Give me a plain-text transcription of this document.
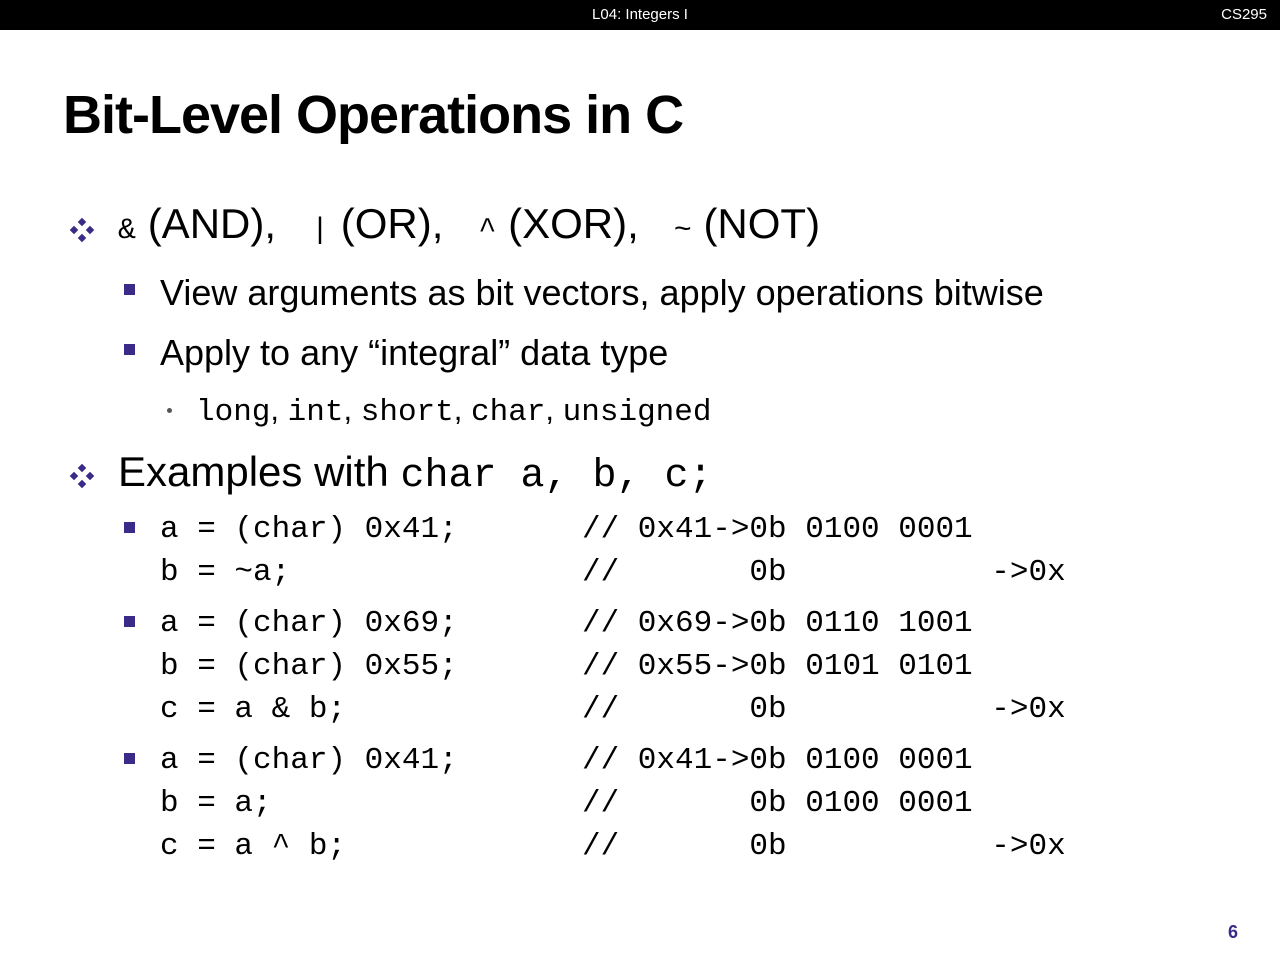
L04: Integers I	CS295
Bit-Level Operations in C
& (AND), | (OR), ^ (XOR), ~ (NOT)
View arguments as bit vectors, apply operations bitwise
Apply to any “integral” data type
long, int, short, char, unsigned
Examples with char a, b, c;
a = (char) 0x41;	// 0x41->0b 0100 0001
b = ~a;	//       0b           ->0x
a = (char) 0x69;	// 0x69->0b 0110 1001
b = (char) 0x55;	// 0x55->0b 0101 0101
c = a & b;	//       0b           ->0x
a = (char) 0x41;	// 0x41->0b 0100 0001
b = a;	//       0b 0100 0001
c = a ^ b;	//       0b           ->0x
6
